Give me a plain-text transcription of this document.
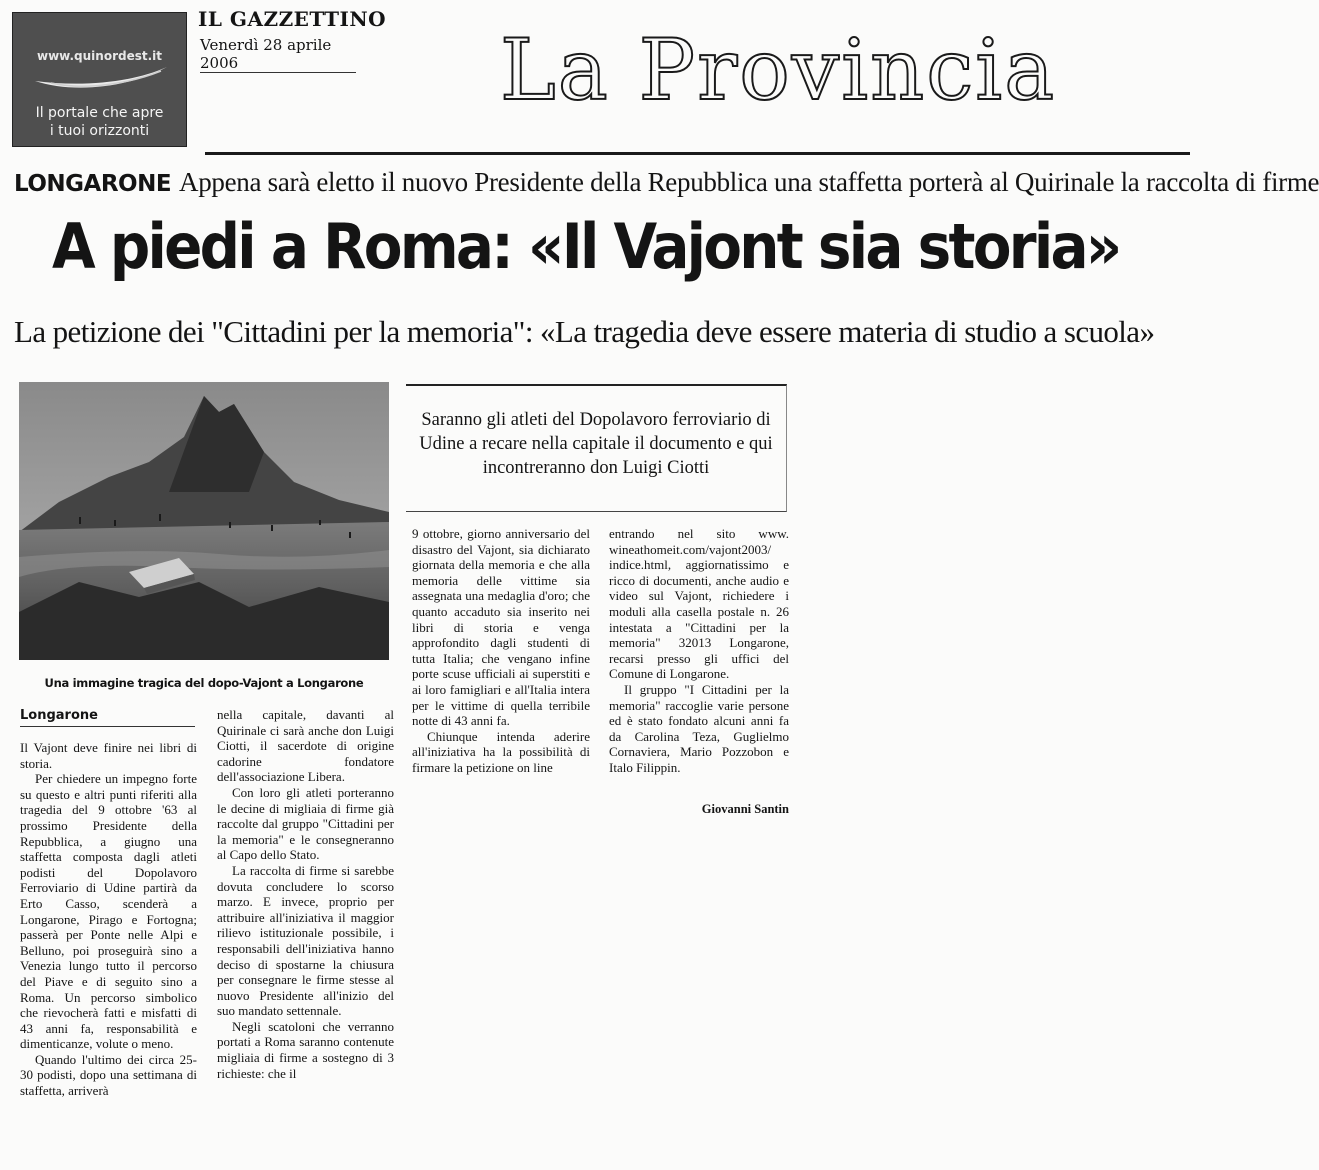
www.quinordest.it
Il portale che apre
i tuoi orizzonti
IL GAZZETTINO
Venerdì 28 aprile 2006	La Provincia
LONGARONE Appena sarà eletto il nuovo Presidente della Repubblica una staffetta porterà al Quirinale la raccolta di firme
A piedi a Roma: «Il Vajont sia storia»
La petizione dei "Cittadini per la memoria": «La tragedia deve essere materia di studio a scuola»
Una immagine tragica del dopo-Vajont a Longarone

Saranno gli atleti del Dopolavoro ferroviario di Udine a recare nella capitale il documento e qui incontreranno don Luigi Ciotti

Longarone

Il Vajont deve finire nei libri di storia.

Per chiedere un impegno forte su questo e altri punti riferiti alla tragedia del 9 ottobre '63 al prossimo Presidente della Repubblica, a giugno una staffetta composta dagli atleti podisti del Dopolavoro Ferroviario di Udine partirà da Erto Casso, scenderà a Longarone, Pirago e Fortogna; passerà per Ponte nelle Alpi e Belluno, poi proseguirà sino a Venezia lungo tutto il percorso del Piave e di seguito sino a Roma. Un percorso simbolico che rievocherà fatti e misfatti di 43 anni fa, responsabilità e dimenticanze, volute o meno.

Quando l'ultimo dei circa 25-30 podisti, dopo una settimana di staffetta, arriverà

nella capitale, davanti al Quirinale ci sarà anche don Luigi Ciotti, il sacerdote di origine cadorine fondatore dell'associazione Libera.

Con loro gli atleti porteranno le decine di migliaia di firme già raccolte dal gruppo "Cittadini per la memoria" e le consegneranno al Capo dello Stato.

La raccolta di firme si sarebbe dovuta concludere lo scorso marzo. E invece, proprio per attribuire all'iniziativa il maggior rilievo istituzionale possibile, i responsabili dell'iniziativa hanno deciso di spostarne la chiusura per consegnare le firme stesse al nuovo Presidente all'inizio del suo mandato settennale.

Negli scatoloni che verranno portati a Roma saranno contenute migliaia di firme a sostegno di 3 richieste: che il

9 ottobre, giorno anniversario del disastro del Vajont, sia dichiarato giornata della memoria e che alla memoria delle vittime sia assegnata una medaglia d'oro; che quanto accaduto sia inserito nei libri di storia e venga approfondito dagli studenti di tutta Italia; che vengano infine porte scuse ufficiali ai superstiti e ai loro famigliari e all'Italia intera per le vittime di quella terribile notte di 43 anni fa.

Chiunque intenda aderire all'iniziativa ha la possibilità di firmare la petizione on line

entrando nel sito www. wineathomeit.com/vajont2003/ indice.html, aggiornatissimo e ricco di documenti, anche audio e video sul Vajont, richiedere i moduli alla casella postale n. 26 intestata a "Cittadini per la memoria" 32013 Longarone, recarsi presso gli uffici del Comune di Longarone.

Il gruppo "I Cittadini per la memoria" raccoglie varie persone ed è stato fondato alcuni anni fa da Carolina Teza, Guglielmo Cornaviera, Mario Pozzobon e Italo Filippin.

Giovanni Santin
